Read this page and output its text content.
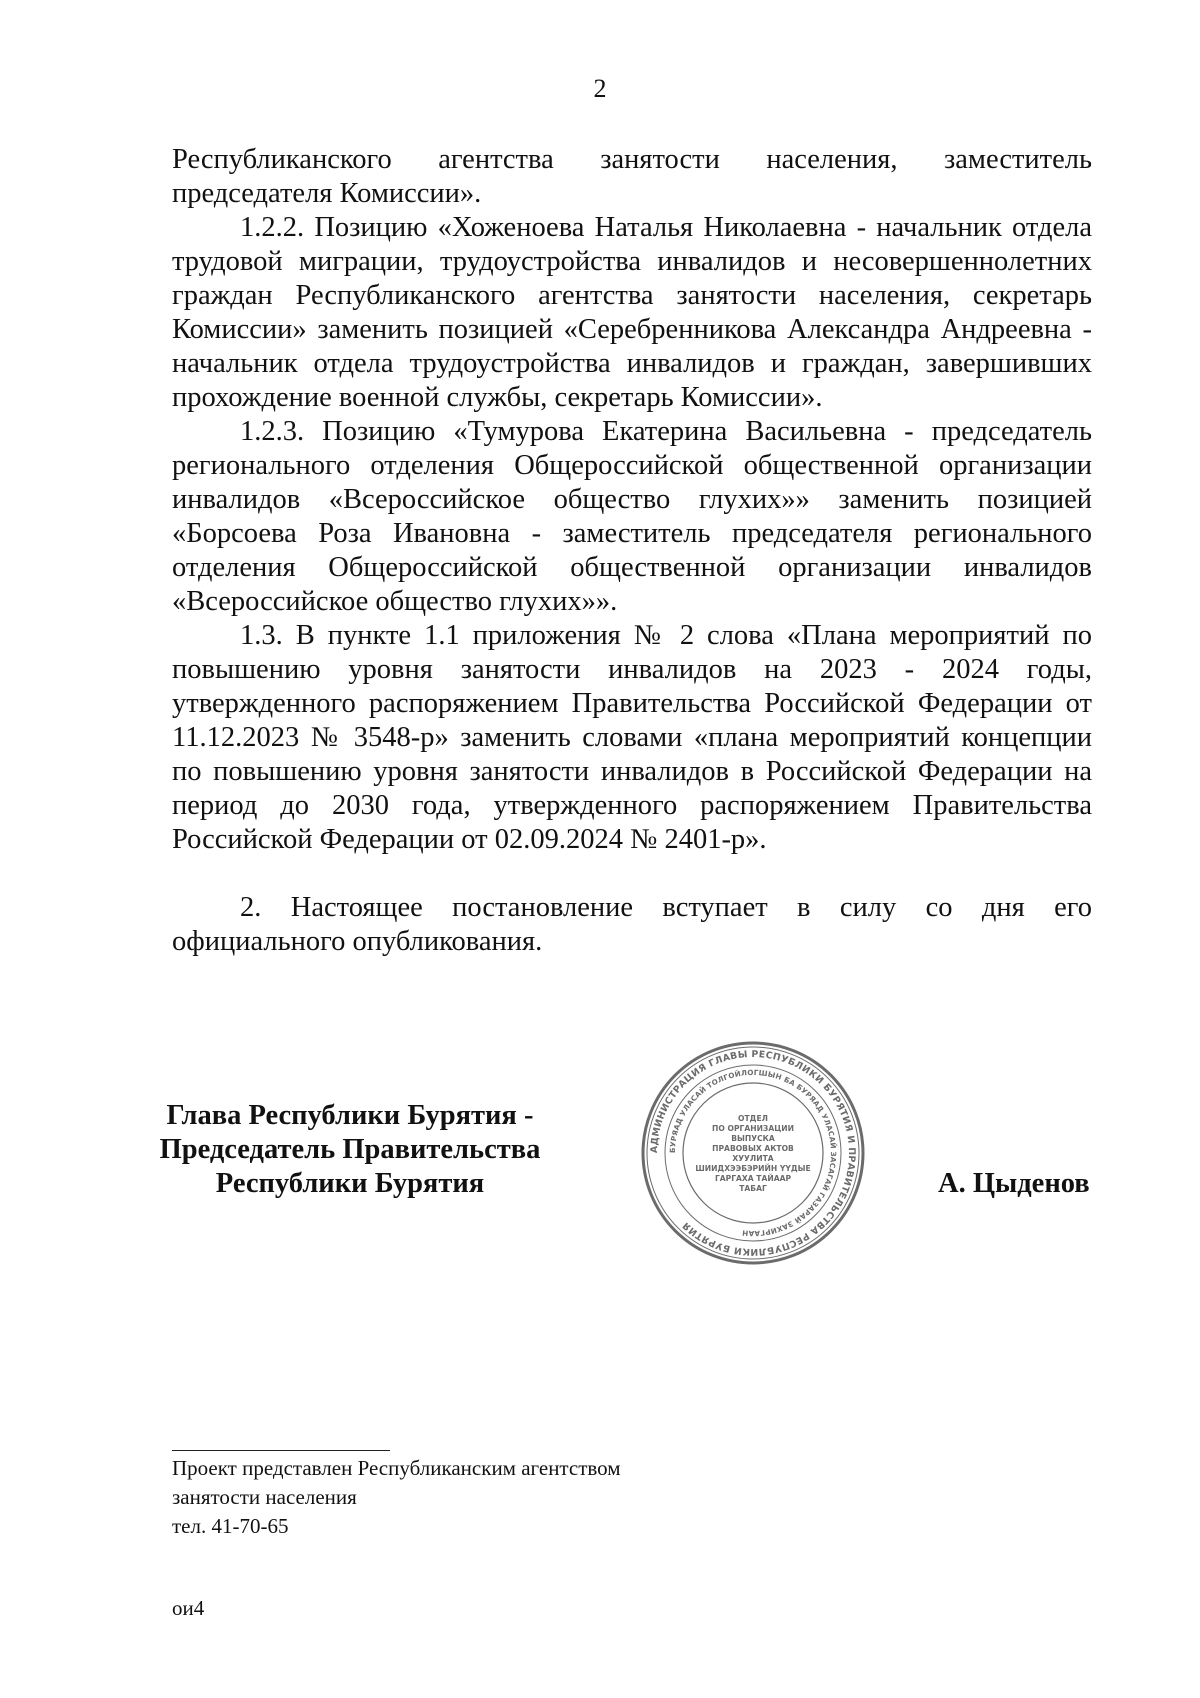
2

Республиканского агентства занятости населения, заместитель председателя Комиссии».

1.2.2. Позицию «Хоженоева Наталья Николаевна - начальник отдела трудовой миграции, трудоустройства инвалидов и несовершеннолетних граждан Республиканского агентства занятости населения, секретарь Комиссии» заменить позицией «Серебренникова Александра Андреевна - начальник отдела трудоустройства инвалидов и граждан, завершивших прохождение военной службы, секретарь Комиссии».

1.2.3. Позицию «Тумурова Екатерина Васильевна - председатель регионального отделения Общероссийской общественной организации инвалидов «Всероссийское общество глухих»» заменить позицией «Борсоева Роза Ивановна - заместитель председателя регионального отделения Общероссийской общественной организации инвалидов «Всероссийское общество глухих»».

1.3. В пункте 1.1 приложения № 2 слова «Плана мероприятий по повышению уровня занятости инвалидов на 2023 - 2024 годы, утвержденного распоряжением Правительства Российской Федерации от 11.12.2023 № 3548-р» заменить словами «плана мероприятий концепции по повышению уровня занятости инвалидов в Российской Федерации на период до 2030 года, утвержденного распоряжением Правительства Российской Федерации от 02.09.2024 № 2401-р».

2. Настоящее постановление вступает в силу со дня его официального опубликования.

Глава Республики Бурятия -
Председатель Правительства
Республики Бурятия
АДМИНИСТРАЦИЯ ГЛАВЫ РЕСПУБЛИКИ БУРЯТИЯ И ПРАВИТЕЛЬСТВА РЕСПУБЛИКИ БУРЯТИЯ
БУРЯАД УЛАСАЙ ТОЛГОЙЛОГШЫН БА БУРЯАД УЛАСАЙ ЗАСАГАЙ ГАЗАРАЙ ЗАХИРГААН
ОТДЕЛ
ПО ОРГАНИЗАЦИИ
ВЫПУСКА
ПРАВОВЫХ АКТОВ
ХУУЛИТА
ШИИДХЭЭБЭРИЙН ҮҮДЫЕ
ГАРГАХА ТАЙААР
ТАБАГ	А. Цыденов
Проект представлен Республиканским агентством
занятости населения
тел. 41-70-65
ои4
